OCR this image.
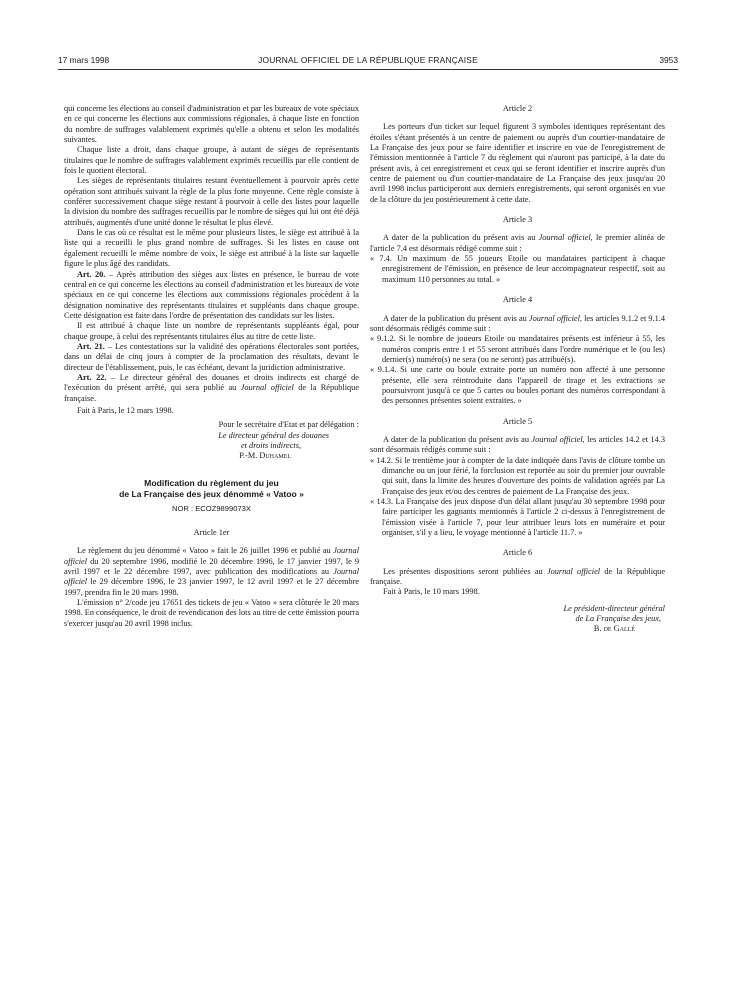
17 mars 1998	JOURNAL OFFICIEL DE LA RÉPUBLIQUE FRANÇAISE	3953

qui concerne les élections au conseil d'administration et par les bureaux de vote spéciaux en ce qui concerne les élections aux commissions régionales, à chaque liste en fonction du nombre de suffrages valablement exprimés qu'elle a obtenu et selon les modalités suivantes.

Chaque liste a droit, dans chaque groupe, à autant de sièges de représentants titulaires que le nombre de suffrages valablement exprimés recueillis par elle contient de fois le quotient électoral.

Les sièges de représentants titulaires restant éventuellement à pourvoir après cette opération sont attribués suivant la règle de la plus forte moyenne. Cette règle consiste à conférer successivement chaque siège restant à pourvoir à celle des listes pour laquelle la division du nombre des suffrages recueillis par le nombre de sièges qui lui ont été déjà attribués, augmentés d'une unité donne le résultat le plus élevé.

Dans le cas où ce résultat est le même pour plusieurs listes, le siège est attribué à la liste qui a recueilli le plus grand nombre de suffrages. Si les listes en cause ont également recueilli le même nombre de voix, le siège est attribué à la liste sur laquelle figure le plus âgé des candidats.

Art. 20. – Après attribution des sièges aux listes en présence, le bureau de vote central en ce qui concerne les élections au conseil d'administration et les bureaux de vote spéciaux en ce qui concerne les élections aux commissions régionales procèdent à la désignation nominative des représentants titulaires et suppléants dans chaque groupe. Cette désignation est faite dans l'ordre de présentation des candidats sur les listes.

Il est attribué à chaque liste un nombre de représentants suppléants égal, pour chaque groupe, à celui des représentants titulaires élus au titre de cette liste.

Art. 21. – Les contestations sur la validité des opérations électorales sont portées, dans un délai de cinq jours à compter de la proclamation des résultats, devant le directeur de l'établissement, puis, le cas échéant, devant la juridiction administrative.

Art. 22. – Le directeur général des douanes et droits indirects est chargé de l'exécution du présent arrêté, qui sera publié au Journal officiel de la République française.

Fait à Paris, le 12 mars 1998.

Pour le secrétaire d'Etat et par délégation :

Le directeur général des douanes

et droits indirects,

P.-M. Duhamel

Modification du règlement du jeu
de La Française des jeux dénommé « Vatoo »
NOR : ECOZ9899073X
Article 1er

Le règlement du jeu dénommé « Vatoo » fait le 26 juillet 1996 et publié au Journal officiel du 20 septembre 1996, modifié le 20 décembre 1996, le 17 janvier 1997, le 9 avril 1997 et le 22 décembre 1997, avec publication des modifications au Journal officiel le 29 décembre 1996, le 23 janvier 1997, le 12 avril 1997 et le 27 décembre 1997, prendra fin le 20 mars 1998.

L'émission n° 2/code jeu 17651 des tickets de jeu « Vatoo » sera clôturée le 20 mars 1998. En conséquence, le droit de revendication des lots au titre de cette émission pourra s'exercer jusqu'au 20 avril 1998 inclus.

Article 2

Les porteurs d'un ticket sur lequel figurent 3 symboles identiques représentant des étoiles s'étant présentés à un centre de paiement ou auprès d'un courtier-mandataire de La Française des jeux pour se faire identifier et inscrire en vue de l'enregistrement de l'émission mentionnée à l'article 7 du règlement qui n'auront pas participé, à la date du présent avis, à cet enregistrement et ceux qui se feront identifier et inscrire auprès d'un centre de paiement ou d'un courtier-mandataire de La Française des jeux jusqu'au 20 avril 1998 inclus participeront aux derniers enregistrements, qui seront organisés en vue de la clôture du jeu postérieurement à cette date.

Article 3

A dater de la publication du présent avis au Journal officiel, le premier alinéa de l'article 7.4 est désormais rédigé comme suit :

« 7.4. Un maximum de 55 joueurs Etoile ou mandataires participent à chaque enregistrement de l'émission, en présence de leur accompagnateur respectif, soit au maximum 110 personnes au total. »

Article 4

A dater de la publication du présent avis au Journal officiel, les articles 9.1.2 et 9.1.4 sont désormais rédigés comme suit :

« 9.1.2. Si le nombre de joueurs Etoile ou mandataires présents est inférieur à 55, les numéros compris entre 1 et 55 seront attribués dans l'ordre numérique et le (ou les) dernier(s) numéro(s) ne sera (ou ne seront) pas attribué(s).

« 9.1.4. Si une carte ou boule extraite porte un numéro non affecté à une personne présente, elle sera réintroduite dans l'appareil de tirage et les extractions se poursuivront jusqu'à ce que 5 cartes ou boules portant des numéros correspondant à des personnes présentes soient extraites. »

Article 5

A dater de la publication du présent avis au Journal officiel, les articles 14.2 et 14.3 sont désormais rédigés comme suit :

« 14.2. Si le trentième jour à compter de la date indiquée dans l'avis de clôture tombe un dimanche ou un jour férié, la forclusion est reportée au soir du premier jour ouvrable qui suit, dans la limite des heures d'ouverture des points de validation agréés par La Française des jeux et/ou des centres de paiement de La Française des jeux.

« 14.3. La Française des jeux dispose d'un délai allant jusqu'au 30 septembre 1998 pour faire participer les gagnants mentionnés à l'article 2 ci-dessus à l'enregistrement de l'émission visée à l'article 7, pour leur attribuer leurs lots en numéraire et pour organiser, s'il y a lieu, le voyage mentionné à l'article 11.7. »

Article 6

Les présentes dispositions seront publiées au Journal officiel de la République française.

Fait à Paris, le 10 mars 1998.

Le président-directeur général

de La Française des jeux,

B. de Gallé
